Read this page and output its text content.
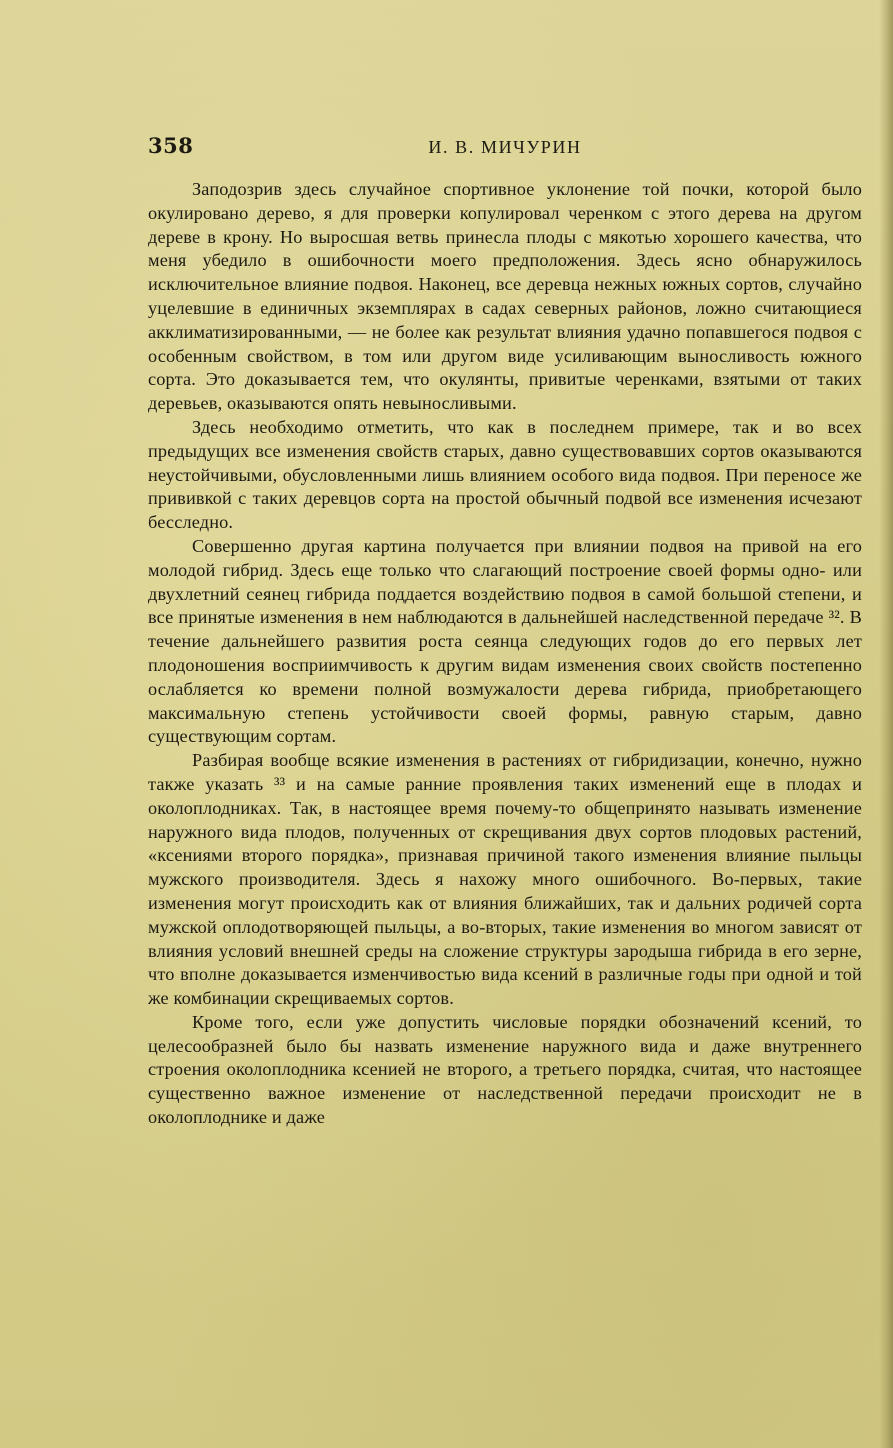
358	И. В. МИЧУРИН

Заподозрив здесь случайное спортивное уклонение той почки, которой было окулировано дерево, я для проверки копулировал черенком с этого дерева на другом дереве в крону. Но выросшая ветвь принесла плоды с мякотью хорошего качества, что меня убедило в ошибочности моего предположения. Здесь ясно обнаружилось исключительное влияние подвоя. Наконец, все деревца нежных южных сортов, случайно уцелевшие в единичных экземплярах в садах северных районов, ложно считающиеся акклиматизированными, — не более как результат влияния удачно попавшегося подвоя с особенным свойством, в том или другом виде усиливающим выносливость южного сорта. Это доказывается тем, что окулянты, привитые черенками, взятыми от таких деревьев, оказываются опять невыносливыми.

Здесь необходимо отметить, что как в последнем примере, так и во всех предыдущих все изменения свойств старых, давно существовавших сортов оказываются неустойчивыми, обусловленными лишь влиянием особого вида подвоя. При переносе же прививкой с таких деревцов сорта на простой обычный подвой все изменения исчезают бесследно.

Совершенно другая картина получается при влиянии подвоя на привой на его молодой гибрид. Здесь еще только что слагающий построение своей формы одно- или двухлетний сеянец гибрида поддается воздействию подвоя в самой большой степени, и все принятые изменения в нем наблюдаются в дальнейшей наследственной передаче ³². В течение дальнейшего развития роста сеянца следующих годов до его первых лет плодоношения восприимчивость к другим видам изменения своих свойств постепенно ослабляется ко времени полной возмужалости дерева гибрида, приобретающего максимальную степень устойчивости своей формы, равную старым, давно существующим сортам.

Разбирая вообще всякие изменения в растениях от гибридизации, конечно, нужно также указать ³³ и на самые ранние проявления таких изменений еще в плодах и околоплодниках. Так, в настоящее время почему-то общепринято называть изменение наружного вида плодов, полученных от скрещивания двух сортов плодовых растений, «ксениями второго порядка», признавая причиной такого изменения влияние пыльцы мужского производителя. Здесь я нахожу много ошибочного. Во-первых, такие изменения могут происходить как от влияния ближайших, так и дальних родичей сорта мужской оплодотворяющей пыльцы, а во-вторых, такие изменения во многом зависят от влияния условий внешней среды на сложение структуры зародыша гибрида в его зерне, что вполне доказывается изменчивостью вида ксений в различные годы при одной и той же комбинации скрещиваемых сортов.

Кроме того, если уже допустить числовые порядки обозначений ксений, то целесообразней было бы назвать изменение наружного вида и даже внутреннего строения околоплодника ксенией не второго, а третьего порядка, считая, что настоящее существенно важное изменение от наследственной передачи происходит не в околоплоднике и даже
